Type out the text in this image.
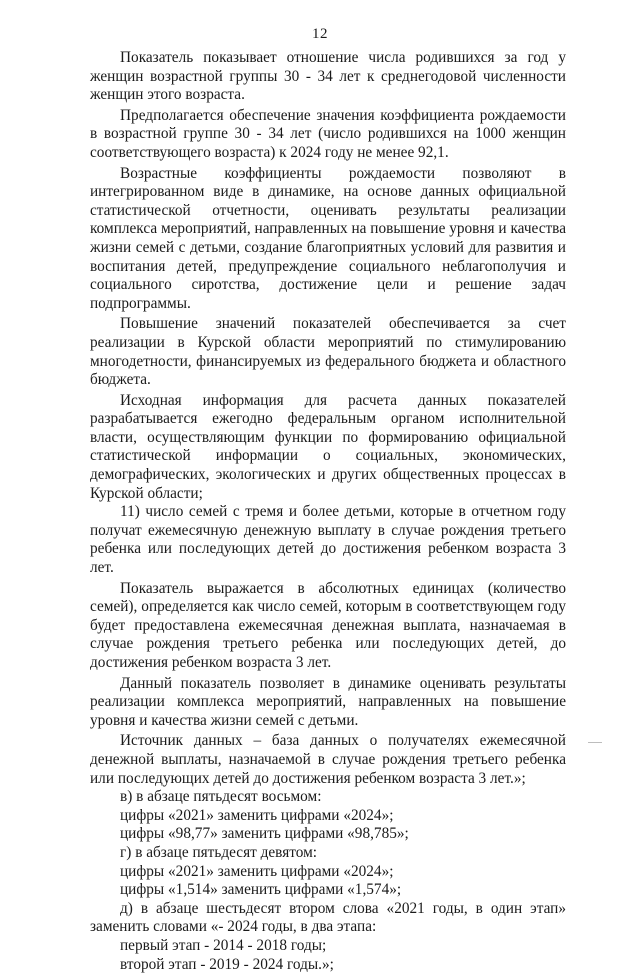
12

Показатель показывает отношение числа родившихся за год у женщин возрастной группы 30 - 34 лет к среднегодовой численности женщин этого возраста.

Предполагается обеспечение значения коэффициента рождаемости в возрастной группе 30 - 34 лет (число родившихся на 1000 женщин соответствующего возраста) к 2024 году не менее 92,1.

Возрастные коэффициенты рождаемости позволяют в интегрированном виде в динамике, на основе данных официальной статистической отчетности, оценивать результаты реализации комплекса мероприятий, направленных на повышение уровня и качества жизни семей с детьми, создание благоприятных условий для развития и воспитания детей, предупреждение социального неблагополучия и социального сиротства, достижение цели и решение задач подпрограммы.

Повышение значений показателей обеспечивается за счет реализации в Курской области мероприятий по стимулированию многодетности, финансируемых из федерального бюджета и областного бюджета.

Исходная информация для расчета данных показателей разрабатывается ежегодно федеральным органом исполнительной власти, осуществляющим функции по формированию официальной статистической информации о социальных, экономических, демографических, экологических и других общественных процессах в Курской области;

11) число семей с тремя и более детьми, которые в отчетном году получат ежемесячную денежную выплату в случае рождения третьего ребенка или последующих детей до достижения ребенком возраста 3 лет.

Показатель выражается в абсолютных единицах (количество семей), определяется как число семей, которым в соответствующем году будет предоставлена ежемесячная денежная выплата, назначаемая в случае рождения третьего ребенка или последующих детей, до достижения ребенком возраста 3 лет.

Данный показатель позволяет в динамике оценивать результаты реализации комплекса мероприятий, направленных на повышение уровня и качества жизни семей с детьми.

Источник данных – база данных о получателях ежемесячной денежной выплаты, назначаемой в случае рождения третьего ребенка или последующих детей до достижения ребенком возраста 3 лет.»;

в) в абзаце пятьдесят восьмом:

цифры «2021» заменить цифрами «2024»;

цифры «98,77» заменить цифрами «98,785»;

г) в абзаце пятьдесят девятом:

цифры «2021» заменить цифрами «2024»;

цифры «1,514» заменить цифрами «1,574»;

д) в абзаце шестьдесят втором слова «2021 годы, в один этап» заменить словами «- 2024 годы, в два этапа:

первый этап - 2014 - 2018 годы;

второй этап - 2019 - 2024 годы.»;
